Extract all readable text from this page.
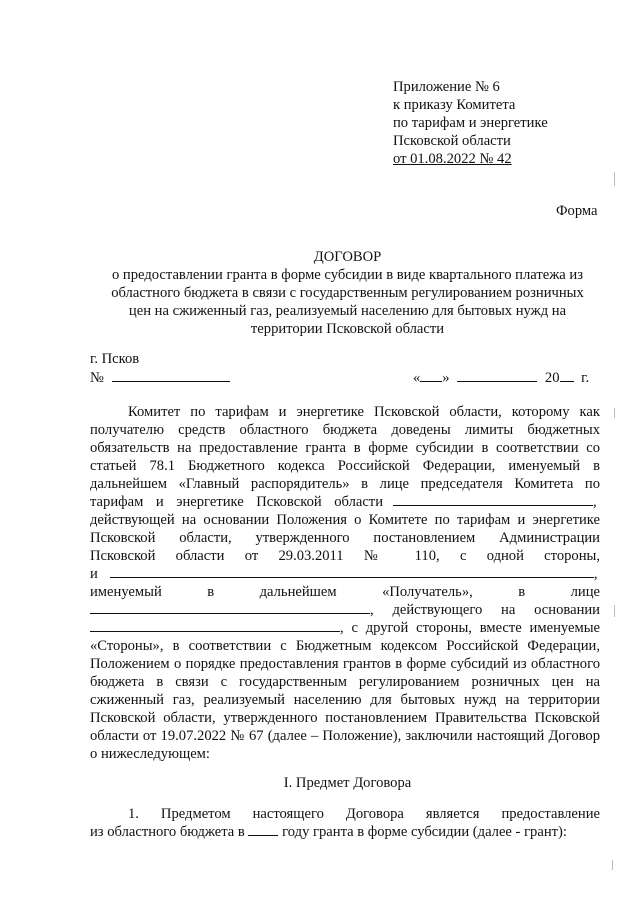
Приложение № 6
к приказу Комитета
по тарифам и энергетике
Псковской области
от 01.08.2022 № 42
Форма
ДОГОВОР
о предоставлении гранта в форме субсидии в виде квартального платежа из
областного бюджета в связи с государственным регулированием розничных
цен на сжиженный газ, реализуемый населению для бытовых нужд на
территории Псковской области
г. Псков
№	« »	20 г.
Комитет по тарифам и энергетике Псковской области, которому как
получателю средств областного бюджета доведены лимиты бюджетных
обязательств на предоставление гранта в форме субсидии в соответствии со
статьей 78.1 Бюджетного кодекса Российской Федерации, именуемый в
дальнейшем «Главный распорядитель» в лице председателя Комитета по
тарифам и энергетике Псковской области	,
действующей на основании Положения о Комитете по тарифам и энергетике
Псковской области, утвержденного постановлением Администрации
Псковской области от 29.03.2011 № 110, с одной стороны,
и	,
именуемый в дальнейшем «Получатель», в лице
, действующего на основании
, с другой стороны, вместе именуемые
«Стороны», в соответствии с Бюджетным кодексом Российской Федерации,
Положением о порядке предоставления грантов в форме субсидий из областного
бюджета в связи с государственным регулированием розничных цен на
сжиженный газ, реализуемый населению для бытовых нужд на территории
Псковской области, утвержденного постановлением Правительства Псковской
области от 19.07.2022 № 67 (далее – Положение), заключили настоящий Договор
о нижеследующем:
I. Предмет Договора
1. Предметом настоящего Договора является предоставление
из областного бюджета в	году гранта в форме субсидии (далее - грант):
